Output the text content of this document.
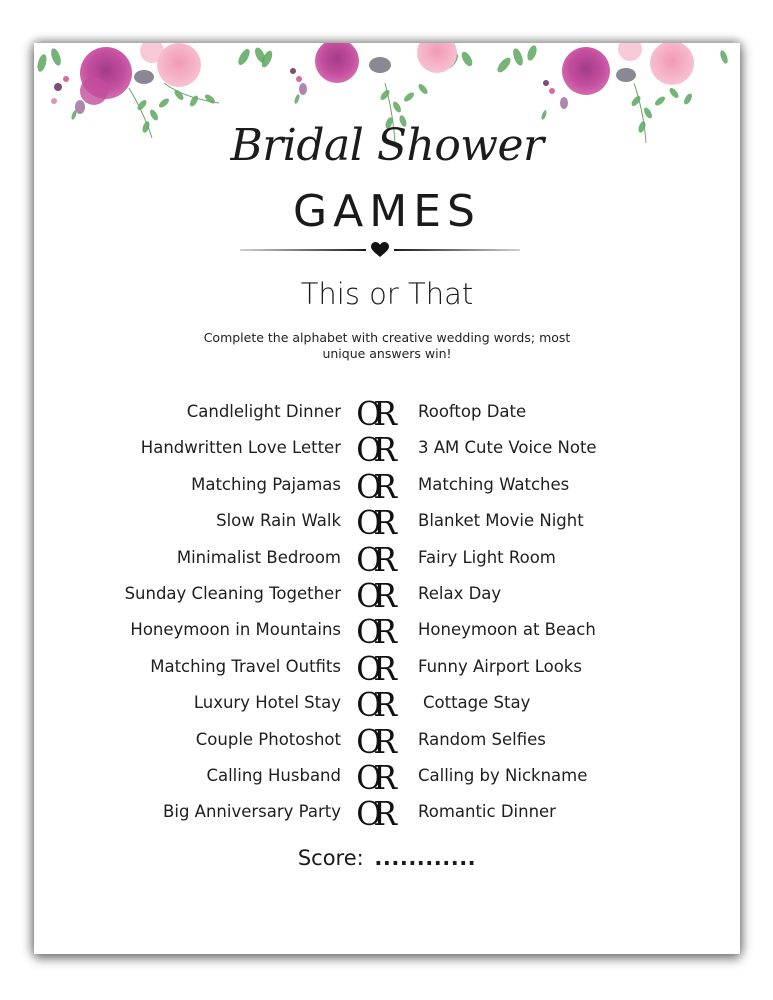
Bridal Shower
GAMES
This or That
Complete the alphabet with creative wedding words; most unique answers win!
Candlelight Dinner OR	Rooftop Date
Handwritten Love Letter OR	3 AM Cute Voice Note
Matching Pajamas OR	Matching Watches
Slow Rain Walk OR	Blanket Movie Night
Minimalist Bedroom OR	Fairy Light Room
Sunday Cleaning Together OR	Relax Day
Honeymoon in Mountains OR	Honeymoon at Beach
Matching Travel Outfits OR	Funny Airport Looks
Luxury Hotel Stay OR	Cottage Stay
Couple Photoshot OR	Random Selfies
Calling Husband OR	Calling by Nickname
Big Anniversary Party OR	Romantic Dinner
Score: ............
